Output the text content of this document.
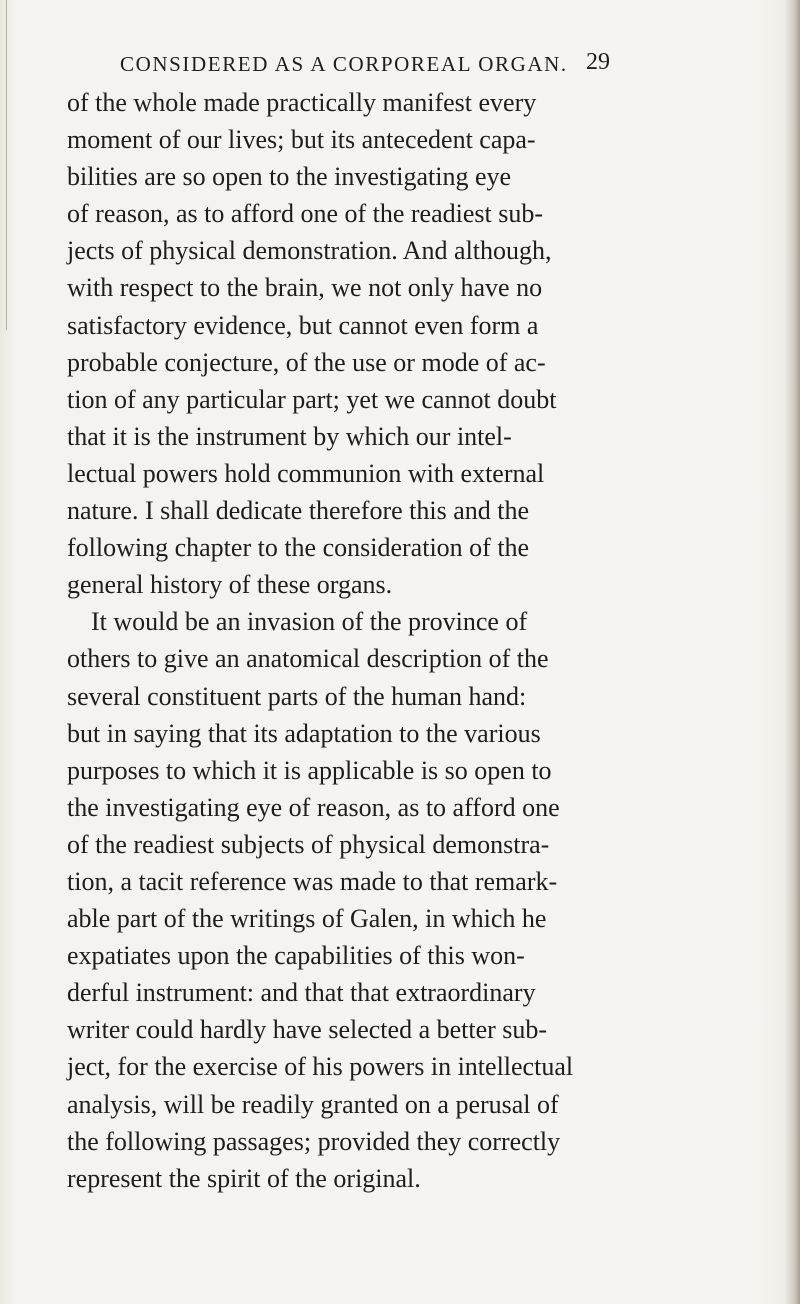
CONSIDERED AS A CORPOREAL ORGAN. 29
of the whole made practically manifest every
moment of our lives; but its antecedent capa-
bilities are so open to the investigating eye
of reason, as to afford one of the readiest sub-
jects of physical demonstration. And although,
with respect to the brain, we not only have no
satisfactory evidence, but cannot even form a
probable conjecture, of the use or mode of ac-
tion of any particular part; yet we cannot doubt
that it is the instrument by which our intel-
lectual powers hold communion with external
nature. I shall dedicate therefore this and the
following chapter to the consideration of the
general history of these organs.
It would be an invasion of the province of
others to give an anatomical description of the
several constituent parts of the human hand:
but in saying that its adaptation to the various
purposes to which it is applicable is so open to
the investigating eye of reason, as to afford one
of the readiest subjects of physical demonstra-
tion, a tacit reference was made to that remark-
able part of the writings of Galen, in which he
expatiates upon the capabilities of this won-
derful instrument: and that that extraordinary
writer could hardly have selected a better sub-
ject, for the exercise of his powers in intellectual
analysis, will be readily granted on a perusal of
the following passages; provided they correctly
represent the spirit of the original.
